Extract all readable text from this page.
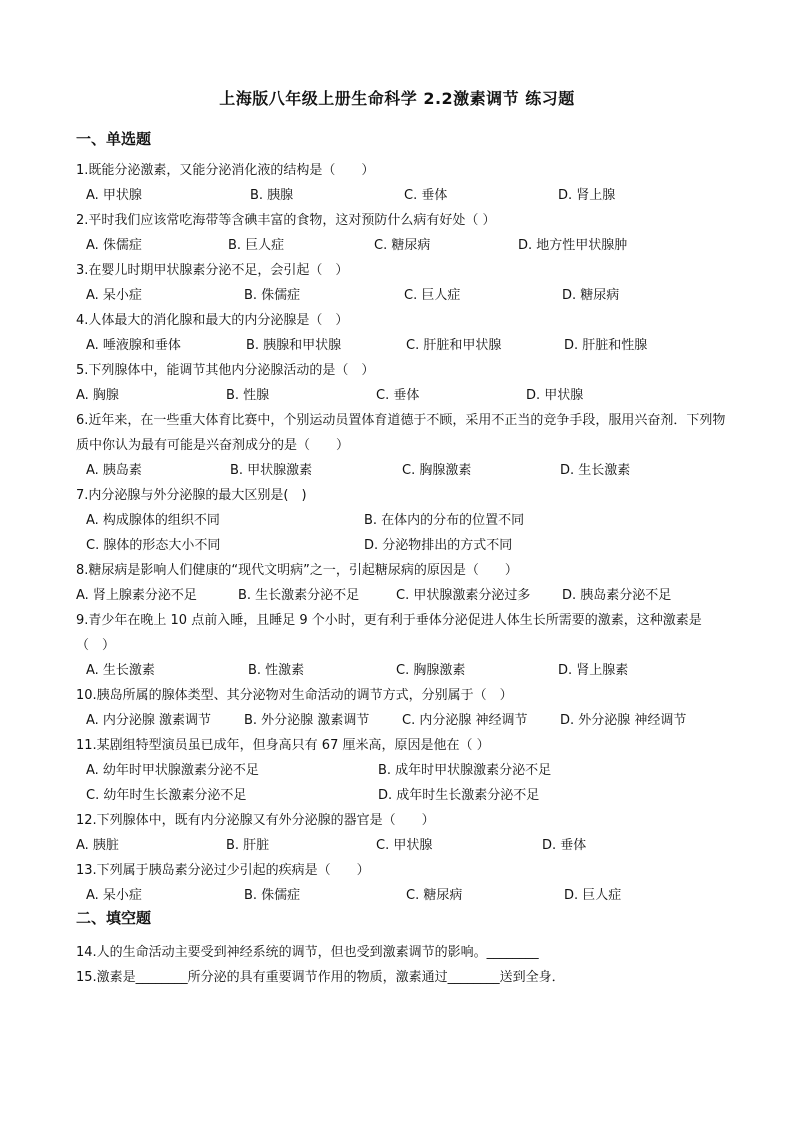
上海版八年级上册生命科学 2.2激素调节 练习题
一、单选题
1.既能分泌激素，又能分泌消化液的结构是（　　）
A. 甲状腺	B. 胰腺	C. 垂体	D. 肾上腺
2.平时我们应该常吃海带等含碘丰富的食物，这对预防什么病有好处（ ）
A. 侏儒症	B. 巨人症	C. 糖尿病	D. 地方性甲状腺肿
3.在婴儿时期甲状腺素分泌不足，会引起（　）
A. 呆小症	B. 侏儒症	C. 巨人症	D. 糖尿病
4.人体最大的消化腺和最大的内分泌腺是（　）
A. 唾液腺和垂体	B. 胰腺和甲状腺	C. 肝脏和甲状腺	D. 肝脏和性腺
5.下列腺体中，能调节其他内分泌腺活动的是（　）
A. 胸腺	B. 性腺	C. 垂体	D. 甲状腺
6.近年来，在一些重大体育比赛中，个别运动员置体育道德于不顾，采用不正当的竞争手段，服用兴奋剂．下列物质中你认为最有可能是兴奋剂成分的是（　　）
A. 胰岛素	B. 甲状腺激素	C. 胸腺激素	D. 生长激素
7.内分泌腺与外分泌腺的最大区别是(　)
A. 构成腺体的组织不同	B. 在体内的分布的位置不同
C. 腺体的形态大小不同	D. 分泌物排出的方式不同
8.糖尿病是影响人们健康的“现代文明病”之一，引起糖尿病的原因是（　　）
A. 肾上腺素分泌不足	B. 生长激素分泌不足	C. 甲状腺激素分泌过多 D. 胰岛素分泌不足
9.青少年在晚上 10 点前入睡，且睡足 9 个小时，更有利于垂体分泌促进人体生长所需要的激素，这种激素是（　）
A. 生长激素	B. 性激素	C. 胸腺激素	D. 肾上腺素
10.胰岛所属的腺体类型、其分泌物对生命活动的调节方式，分别属于（　）
A. 内分泌腺 激素调节	B. 外分泌腺 激素调节	C. 内分泌腺 神经调节	D. 外分泌腺 神经调节
11.某剧组特型演员虽已成年，但身高只有 67 厘米高，原因是他在（ ）
A. 幼年时甲状腺激素分泌不足	B. 成年时甲状腺激素分泌不足
C. 幼年时生长激素分泌不足	D. 成年时生长激素分泌不足
12.下列腺体中，既有内分泌腺又有外分泌腺的器官是（　　）
A. 胰脏	B. 肝脏	C. 甲状腺	D. 垂体
13.下列属于胰岛素分泌过少引起的疾病是（　　）
A. 呆小症	B. 侏儒症	C. 糖尿病	D. 巨人症
二、填空题
14.人的生命活动主要受到神经系统的调节，但也受到激素调节的影响。________
15.激素是________所分泌的具有重要调节作用的物质，激素通过________送到全身．
